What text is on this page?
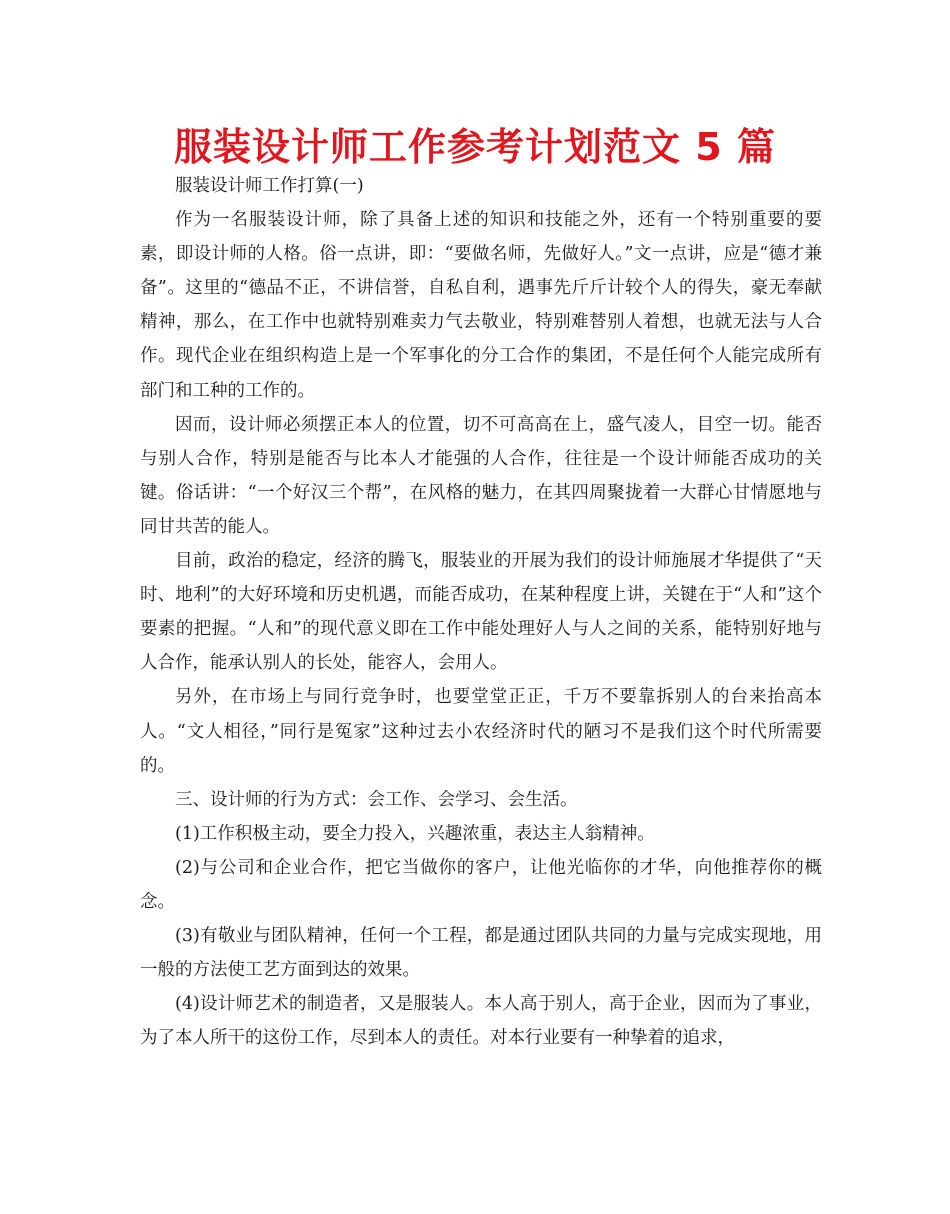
服装设计师工作参考计划范文 5 篇

服装设计师工作打算(一)

作为一名服装设计师，除了具备上述的知识和技能之外，还有一个特别重要的要素，即设计师的人格。俗一点讲，即：“要做名师，先做好人。”文一点讲，应是“德才兼备”。这里的“德品不正，不讲信誉，自私自利，遇事先斤斤计较个人的得失，豪无奉献精神，那么，在工作中也就特别难卖力气去敬业，特别难替别人着想，也就无法与人合作。现代企业在组织构造上是一个军事化的分工合作的集团，不是任何个人能完成所有部门和工种的工作的。

因而，设计师必须摆正本人的位置，切不可高高在上，盛气凌人，目空一切。能否与别人合作，特别是能否与比本人才能强的人合作，往往是一个设计师能否成功的关键。俗话讲：“一个好汉三个帮”，在风格的魅力，在其四周聚拢着一大群心甘情愿地与同甘共苦的能人。

目前，政治的稳定，经济的腾飞，服装业的开展为我们的设计师施展才华提供了“天时、地利”的大好环境和历史机遇，而能否成功，在某种程度上讲，关键在于“人和”这个要素的把握。“人和”的现代意义即在工作中能处理好人与人之间的关系，能特别好地与人合作，能承认别人的长处，能容人，会用人。

另外，在市场上与同行竞争时，也要堂堂正正，千万不要靠拆别人的台来抬高本人。“文人相径，”同行是冤家”这种过去小农经济时代的陋习不是我们这个时代所需要的。

三、设计师的行为方式：会工作、会学习、会生活。

(1)工作积极主动，要全力投入，兴趣浓重，表达主人翁精神。

(2)与公司和企业合作，把它当做你的客户，让他光临你的才华，向他推荐你的概念。

(3)有敬业与团队精神，任何一个工程，都是通过团队共同的力量与完成实现地，用一般的方法使工艺方面到达的效果。

(4)设计师艺术的制造者，又是服装人。本人高于别人，高于企业，因而为了事业，为了本人所干的这份工作，尽到本人的责任。对本行业要有一种挚着的追求，
